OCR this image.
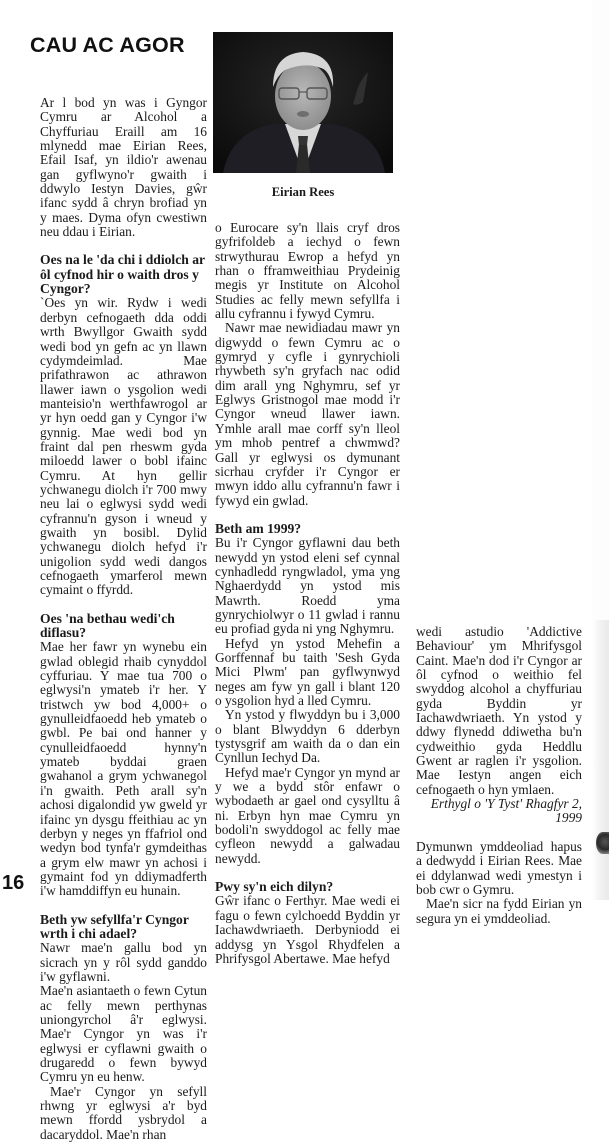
CAU AC AGOR
Eirian Rees

Ar l bod yn was i Gyngor Cymru ar Alcohol a Chyffuriau Eraill am 16 mlynedd mae Eirian Rees, Efail Isaf, yn ildio'r awenau gan gyflwyno'r gwaith i ddwylo Iestyn Davies, gŵr ifanc sydd â chryn brofiad yn y maes. Dyma ofyn cwestiwn neu ddau i Eirian.

Oes na le 'da chi i ddiolch ar ôl cyfnod hir o waith dros y Cyngor?

`Oes yn wir. Rydw i wedi derbyn cefnogaeth dda oddi wrth Bwyllgor Gwaith sydd wedi bod yn gefn ac yn llawn cydymdeimlad. Mae prifathrawon ac athrawon llawer iawn o ysgolion wedi manteisio'n werthfawrogol ar yr hyn oedd gan y Cyngor i'w gynnig. Mae wedi bod yn fraint dal pen rheswm gyda miloedd lawer o bobl ifainc Cymru. At hyn gellir ychwanegu diolch i'r 700 mwy neu lai o eglwysi sydd wedi cyfrannu'n gyson i wneud y gwaith yn bosibl. Dylid ychwanegu diolch hefyd i'r unigolion sydd wedi dangos cefnogaeth ymarferol mewn cymaint o ffyrdd.

Oes 'na bethau wedi'ch diflasu?

Mae her fawr yn wynebu ein gwlad oblegid rhaib cynyddol cyffuriau. Y mae tua 700 o eglwysi'n ymateb i'r her. Y tristwch yw bod 4,000+ o gynulleidfaoedd heb ymateb o gwbl. Pe bai ond hanner y cynulleidfaoedd hynny'n ymateb byddai graen gwahanol a grym ychwanegol i'n gwaith. Peth arall sy'n achosi digalondid yw gweld yr ifainc yn dysgu ffeithiau ac yn derbyn y neges yn ffafriol ond wedyn bod tynfa'r gymdeithas a grym elw mawr yn achosi i gymaint fod yn ddiymadferth i'w hamddiffyn eu hunain.

Beth yw sefyllfa'r Cyngor wrth i chi adael?

Nawr mae'n gallu bod yn sicrach yn y rôl sydd ganddo i'w gyflawni.

Mae'n asiantaeth o fewn Cytun ac felly mewn perthynas uniongyrchol â'r eglwysi. Mae'r Cyngor yn was i'r eglwysi er cyflawni gwaith o drugaredd o fewn bywyd Cymru yn eu henw.

Mae'r Cyngor yn sefyll rhwng yr eglwysi a'r byd mewn ffordd ysbrydol a dacaryddol. Mae'n rhan

o Eurocare sy'n llais cryf dros gyfrifoldeb a iechyd o fewn strwythurau Ewrop a hefyd yn rhan o fframweithiau Prydeinig megis yr Institute on Alcohol Studies ac felly mewn sefyllfa i allu cyfrannu i fywyd Cymru.

Nawr mae newidiadau mawr yn digwydd o fewn Cymru ac o gymryd y cyfle i gynrychioli rhywbeth sy'n gryfach nac odid dim arall yng Nghymru, sef yr Eglwys Gristnogol mae modd i'r Cyngor wneud llawer iawn. Ymhle arall mae corff sy'n lleol ym mhob pentref a chwmwd? Gall yr eglwysi os dymunant sicrhau cryfder i'r Cyngor er mwyn iddo allu cyfrannu'n fawr i fywyd ein gwlad.

Beth am 1999?

Bu i'r Cyngor gyflawni dau beth newydd yn ystod eleni sef cynnal cynhadledd ryngwladol, yma yng Nghaerdydd yn ystod mis Mawrth. Roedd yma gynrychiolwyr o 11 gwlad i rannu eu profiad gyda ni yng Nghymru.

Hefyd yn ystod Mehefin a Gorffennaf bu taith 'Sesh Gyda Mici Plwm' pan gyflwynwyd neges am fyw yn gall i blant 120 o ysgolion hyd a lled Cymru.

Yn ystod y flwyddyn bu i 3,000 o blant Blwyddyn 6 dderbyn tystysgrif am waith da o dan ein Cynllun Iechyd Da.

Hefyd mae'r Cyngor yn mynd ar y we a bydd stôr enfawr o wybodaeth ar gael ond cysylltu â ni. Erbyn hyn mae Cymru yn bodoli'n swyddogol ac felly mae cyfleon newydd a galwadau newydd.

Pwy sy'n eich dilyn?

Gŵr ifanc o Ferthyr. Mae wedi ei fagu o fewn cylchoedd Byddin yr Iachawdwriaeth. Derbyniodd ei addysg yn Ysgol Rhydfelen a Phrifysgol Abertawe. Mae hefyd

wedi astudio 'Addictive Behaviour' ym Mhrifysgol Caint. Mae'n dod i'r Cyngor ar ôl cyfnod o weithio fel swyddog alcohol a chyffuriau gyda Byddin yr Iachawdwriaeth. Yn ystod y ddwy flynedd ddiwetha bu'n cydweithio gyda Heddlu Gwent ar raglen i'r ysgolion. Mae Iestyn angen eich cefnogaeth o hyn ymlaen.

Erthygl o 'Y Tyst' Rhagfyr 2, 1999

Dymunwn ymddeoliad hapus a dedwydd i Eirian Rees. Mae ei ddylanwad wedi ymestyn i bob cwr o Gymru.

Mae'n sicr na fydd Eirian yn segura yn ei ymddeoliad.

16
